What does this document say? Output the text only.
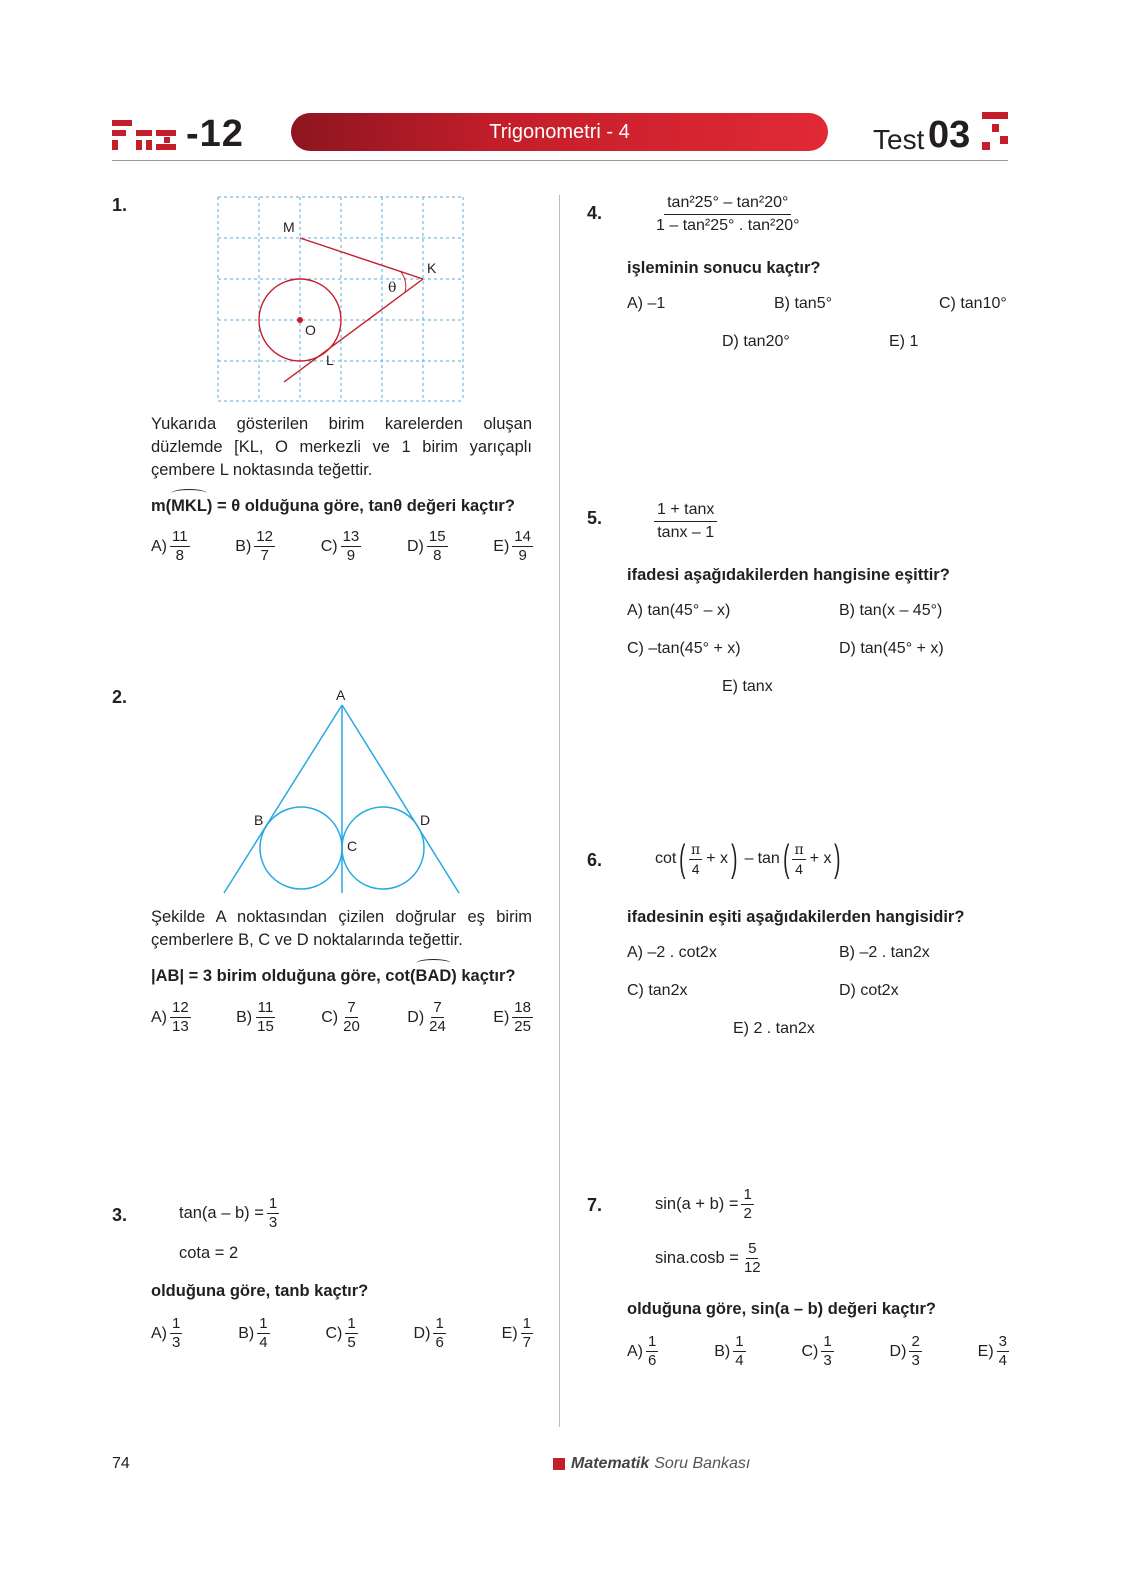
-12	Trigonometri - 4	Test 03
1.
M
K
O
L
θ
Yukarıda gösterilen birim karelerden oluşan düzlemde [KL, O merkezli ve 1 birim yarıçaplı çembere L noktasında teğettir.
m(
MKL) = θ olduğuna göre, tanθ değeri kaçtır?
$A) \frac{11}{8}$	$B) \frac{12}{7}$	$C) \frac{13}{9}$	$D) \frac{15}{8}$	$E) \frac{14}{9}$
2.	A
B
C
D
Şekilde A noktasından çizilen doğrular eş birim çemberlere B, C ve D noktalarında teğettir.
|AB| = 3 birim olduğuna göre, cot(
BAD) kaçtır?
$A) \frac{12}{13}$	$B) \frac{11}{15}$	$C) \frac{7}{20}$	$D) \frac{7}{24}$	$E) \frac{18}{25}$
3.	$\tan(a - b) = \frac{1}{3}$
cota = 2
olduğuna göre, tanb kaçtır?
$A) \frac{1}{3}$	$B) \frac{1}{4}$	$C) \frac{1}{5}$	$D) \frac{1}{6}$	$E) \frac{1}{7}$
4.	$\frac{\text{tan²25° – tan²20°}}{\text{1 – tan²25° . tan²20°}}$
işleminin sonucu kaçtır?
A) –1	B) tan5°	C) tan10°
D) tan20°	E) 1
5.	$\frac{1 + \tan x}{\tan x - 1}$
ifadesi aşağıdakilerden hangisine eşittir?
A) tan(45° – x)	B) tan(x – 45°)
C) –tan(45° + x)	D) tan(45° + x)
E) tanx
6.	cot ( $\frac{\pi}{4} + x$ ) – tan ( $\frac{\pi}{4} + x$ )
ifadesinin eşiti aşağıdakilerden hangisidir?
A) –2 . cot2x	B) –2 . tan2x
C) tan2x	D) cot2x
E) 2 . tan2x
7.	$\sin(a + b) = \frac{1}{2}$
$\sin a.\cos b = \frac{5}{12}$
olduğuna göre, sin(a – b) değeri kaçtır?
$A) \frac{1}{6}$	$B) \frac{1}{4}$	$C) \frac{1}{3}$	$D) \frac{2}{3}$	$E) \frac{3}{4}$
74	Matematik Soru Bankası
